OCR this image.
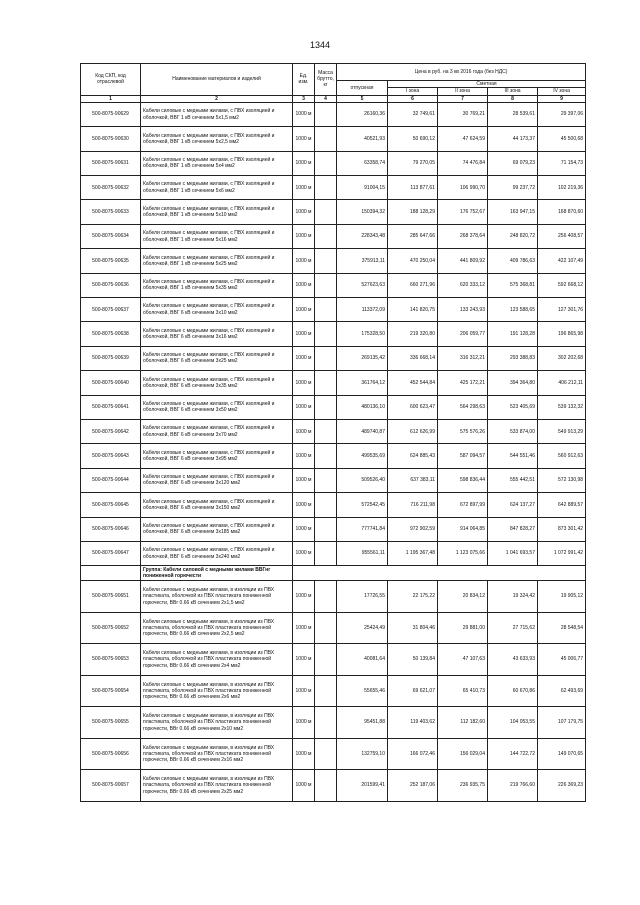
1344
Код СКП, код отраслевой	Наименование материалов и изделий	Ед. изм.	Масса брутто, кг	Цена в руб. на 3 кв 2016 года (без НДС)				
				отпускная	Сметная			
					I зона	II зона	III зона	IV зона
1	2	3	4	5	6	7	8	9
500-8075-90629	Кабели силовые с медными жилами, с ПВХ изоляцией и оболочкой, ВВГ 1 кВ сечением 5х1,5 мм2	1000 м		26160,36	32 749,61	30 769,21	28 539,61	29 397,06
500-8075-90630	Кабели силовые с медными жилами, с ПВХ изоляцией и оболочкой, ВВГ 1 кВ сечением 5х2,5 мм2	1000 м		40521,93	50 690,12	47 624,59	44 173,37	45 500,68
500-8075-90631	Кабели силовые с медными жилами, с ПВХ изоляцией и оболочкой, ВВГ 1 кВ сечением 5х4 мм2	1000 м		63358,74	79 270,05	74 476,84	69 079,23	71 154,73
500-8075-90632	Кабели силовые с медными жилами, с ПВХ изоляцией и оболочкой, ВВГ 1 кВ сечением 5х6 мм2	1000 м		91004,15	113 877,61	106 990,70	99 237,72	102 219,36
500-8075-90633	Кабели силовые с медными жилами, с ПВХ изоляцией и оболочкой, ВВГ 1 кВ сечением 5х10 мм2	1000 м		150394,32	188 128,29	176 752,67	163 947,15	168 870,60
500-8075-90634	Кабели силовые с медными жилами, с ПВХ изоляцией и оболочкой, ВВГ 1 кВ сечением 5х16 мм2	1000 м		228343,48	285 647,66	268 378,64	248 820,72	256 408,57
500-8075-90635	Кабели силовые с медными жилами, с ПВХ изоляцией и оболочкой, ВВГ 1 кВ сечением 5х25 мм2	1000 м		375913,11	470 250,04	441 809,92	409 786,63	422 107,49
500-8075-90636	Кабели силовые с медными жилами, с ПВХ изоляцией и оболочкой, ВВГ 1 кВ сечением 5х35 мм2	1000 м		527623,63	660 271,96	620 333,12	575 368,81	592 668,12
500-8075-90637	Кабели силовые с медными жилами, с ПВХ изоляцией и оболочкой, ВВГ 6 кВ сечением 3х10 мм2	1000 м		113372,09	141 820,75	133 243,93	123 588,65	127 301,76
500-8075-90638	Кабели силовые с медными жилами, с ПВХ изоляцией и оболочкой, ВВГ 6 кВ сечением 3х16 мм2	1000 м		175328,50	219 320,80	206 059,77	191 128,28	196 865,98
500-8075-90639	Кабели силовые с медными жилами, с ПВХ изоляцией и оболочкой, ВВГ 6 кВ сечением 3х25 мм2	1000 м		269135,42	336 668,14	316 312,21	293 388,83	302 202,68
500-8075-90640	Кабели силовые с медными жилами, с ПВХ изоляцией и оболочкой, ВВГ 6 кВ сечением 3х35 мм2	1000 м		361764,12	452 544,84	425 172,21	394 364,80	406 212,11
500-8075-90641	Кабели силовые с медными жилами, с ПВХ изоляцией и оболочкой, ВВГ 6 кВ сечением 3х50 мм2	1000 м		480136,10	600 623,47	564 298,63	523 405,69	539 132,32
500-8075-90642	Кабели силовые с медными жилами, с ПВХ изоляцией и оболочкой, ВВГ 6 кВ сечением 3х70 мм2	1000 м		489740,87	612 626,99	575 576,26	533 874,00	549 913,29
500-8075-90643	Кабели силовые с медными жилами, с ПВХ изоляцией и оболочкой, ВВГ 6 кВ сечением 3х95 мм2	1000 м		499535,69	624 885,43	587 094,57	544 551,46	560 912,63
500-8075-90644	Кабели силовые с медными жилами, с ПВХ изоляцией и оболочкой, ВВГ 6 кВ сечением 3х120 мм2	1000 м		509526,40	637 383,11	598 836,44	555 442,51	572 130,98
500-8075-90645	Кабели силовые с медными жилами, с ПВХ изоляцией и оболочкой, ВВГ 6 кВ сечением 3х150 мм2	1000 м		572542,45	716 211,98	672 897,99	624 137,27	642 889,57
500-8075-90646	Кабели силовые с медными жилами, с ПВХ изоляцией и оболочкой, ВВГ 6 кВ сечением 3х185 мм2	1000 м		777741,84	972 902,59	914 064,85	847 828,27	873 301,42
500-8075-90647	Кабели силовые с медными жилами, с ПВХ изоляцией и оболочкой, ВВГ 6 кВ сечением 3х240 мм2	1000 м		955561,11	1 195 367,48	1 123 075,66	1 041 693,57	1 072 991,42
	Группа: Кабели силовой с медными жилами ВВГнг пониженной горючести							
500-8075-90651	Кабели силовые с медными жилами, в изоляции из ПВХ пластиката, оболочкой из ПВХ пластиката пониженной горючести, ВВг 0.66 кВ сечением 2х1,5 мм2	1000 м		17726,55	22 175,22	20 834,12	19 324,42	19 905,12
500-8075-90652	Кабели силовые с медными жилами, в изоляции из ПВХ пластиката, оболочкой из ПВХ пластиката пониженной горючести, ВВг 0.66 кВ сечением 2х2,5 мм2	1000 м		25424,49	31 804,46	29 881,00	27 715,62	28 548,54
500-8075-90653	Кабели силовые с медными жилами, в изоляции из ПВХ пластиката, оболочкой из ПВХ пластиката пониженной горючести, ВВг 0.66 кВ сечением 2х4 мм2	1000 м		40081,64	50 139,84	47 107,63	43 633,93	45 006,77
500-8075-90654	Кабели силовые с медными жилами, в изоляции из ПВХ пластиката, оболочкой из ПВХ пластиката пониженной горючести, ВВг 0.66 кВ сечением 2х6 мм2	1000 м		55655,46	69 621,07	65 410,73	60 670,86	62 493,69
500-8075-90655	Кабели силовые с медными жилами, в изоляции из ПВХ пластиката, оболочкой из ПВХ пластиката пониженной горючести, ВВг 0.66 кВ сечением 2х10 мм2	1000 м		95451,88	119 403,62	112 182,60	104 053,55	107 179,75
500-8075-90656	Кабели силовые с медными жилами, в изоляции из ПВХ пластиката, оболочкой из ПВХ пластиката пониженной горючести, ВВг 0.66 кВ сечением 2х16 мм2	1000 м		132759,10	166 072,46	156 029,04	144 722,72	149 070,65
500-8075-90657	Кабели силовые с медными жилами, в изоляции из ПВХ пластиката, оболочкой из ПВХ пластиката пониженной горючести, ВВг 0.66 кВ сечением 2х25 мм2	1000 м		201599,41	252 187,06	236 935,75	219 766,60	226 369,23
